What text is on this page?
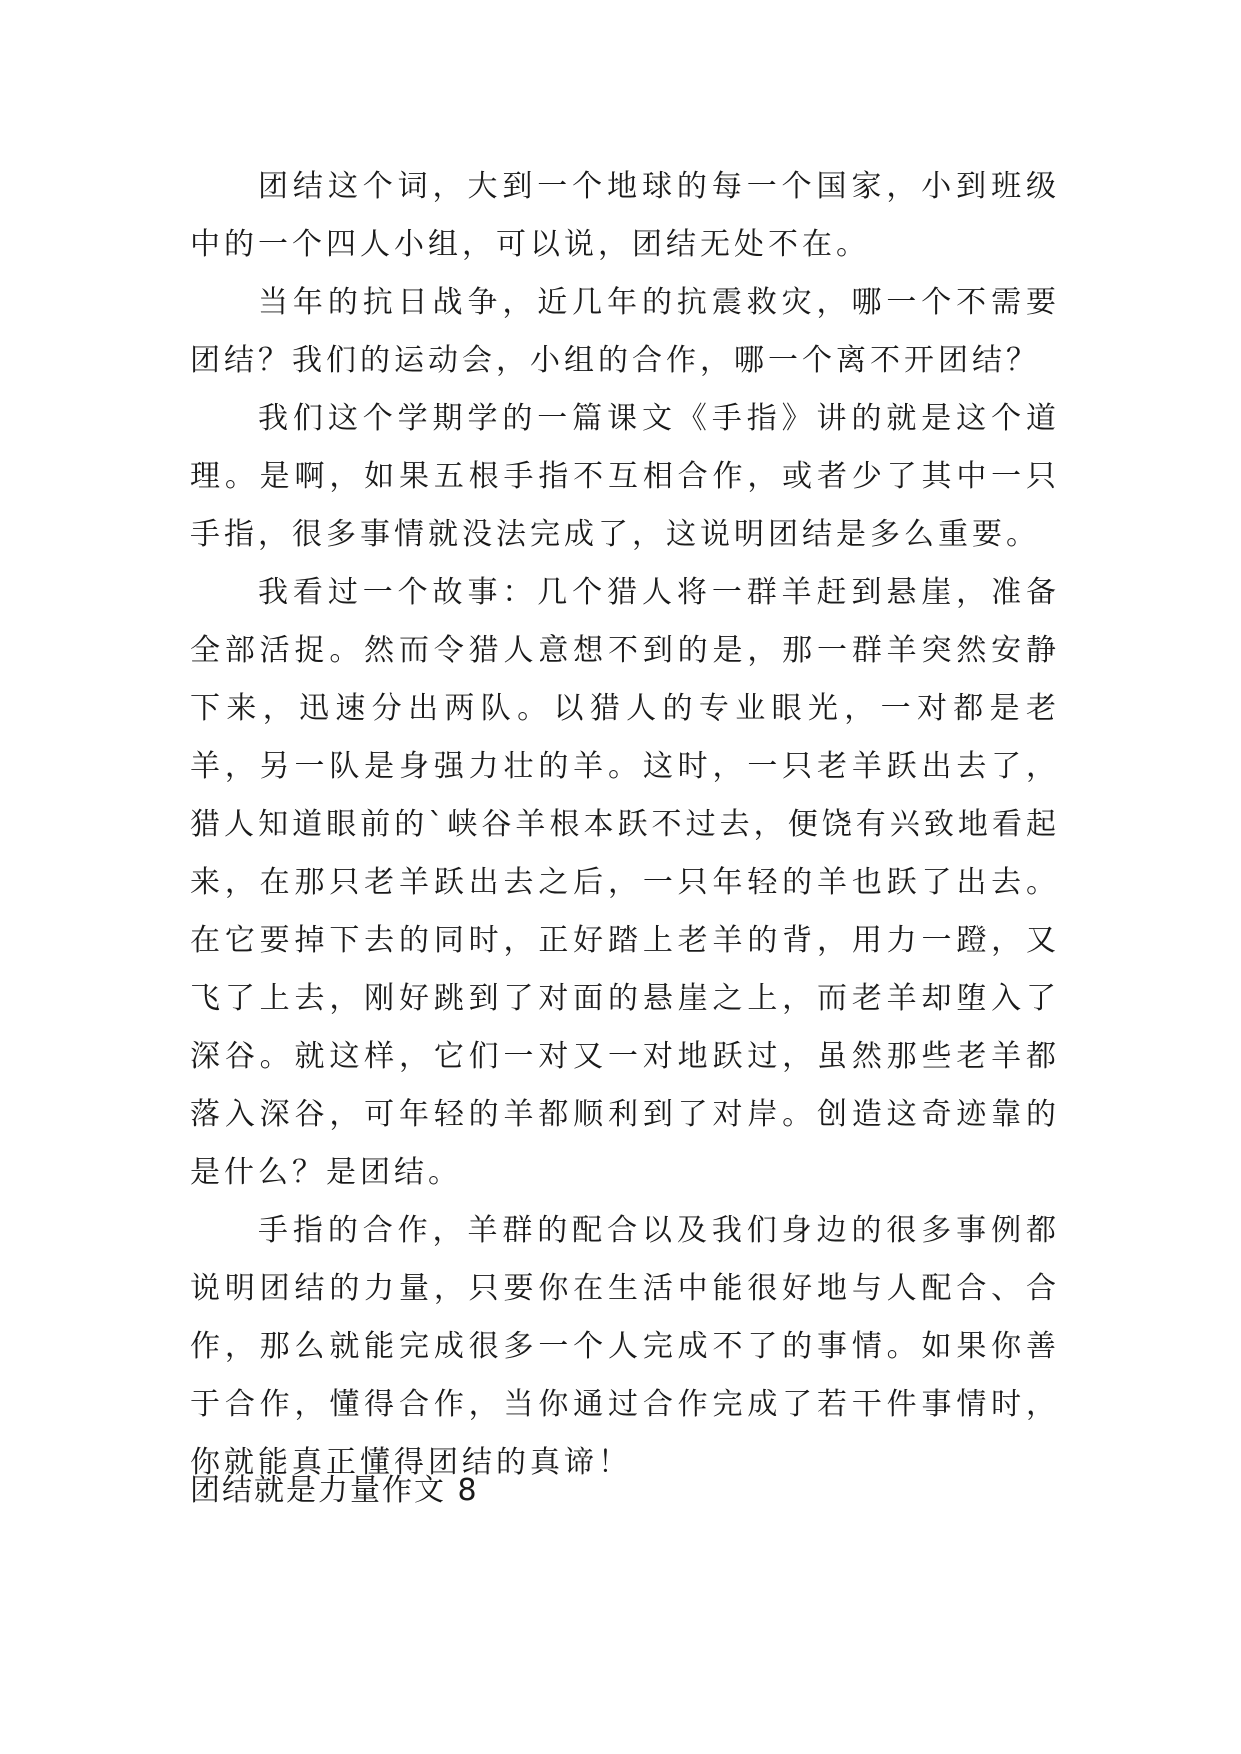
团结这个词，大到一个地球的每一个国家，小到班级中的一个四人小组，可以说，团结无处不在。

当年的抗日战争，近几年的抗震救灾，哪一个不需要团结？我们的运动会，小组的合作，哪一个离不开团结？

我们这个学期学的一篇课文《手指》讲的就是这个道理。是啊，如果五根手指不互相合作，或者少了其中一只手指，很多事情就没法完成了，这说明团结是多么重要。

我看过一个故事：几个猎人将一群羊赶到悬崖，准备全部活捉。然而令猎人意想不到的是，那一群羊突然安静下来，迅速分出两队。以猎人的专业眼光，一对都是老羊，另一队是身强力壮的羊。这时，一只老羊跃出去了，猎人知道眼前的`峡谷羊根本跃不过去，便饶有兴致地看起来，在那只老羊跃出去之后，一只年轻的羊也跃了出去。在它要掉下去的同时，正好踏上老羊的背，用力一蹬，又飞了上去，刚好跳到了对面的悬崖之上，而老羊却堕入了深谷。就这样，它们一对又一对地跃过，虽然那些老羊都落入深谷，可年轻的羊都顺利到了对岸。创造这奇迹靠的是什么？是团结。

手指的合作，羊群的配合以及我们身边的很多事例都说明团结的力量，只要你在生活中能很好地与人配合、合作，那么就能完成很多一个人完成不了的事情。如果你善于合作，懂得合作，当你通过合作完成了若干件事情时，你就能真正懂得团结的真谛！

团结就是力量作文 8
